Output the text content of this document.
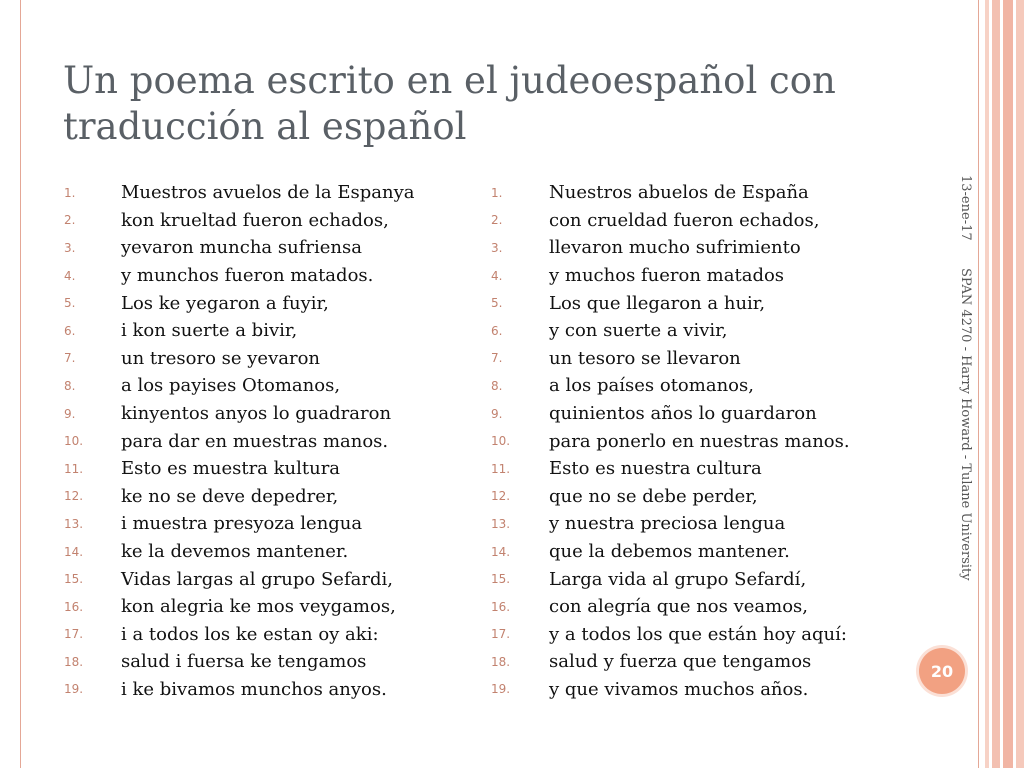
Un poema escrito en el judeoespañol con traducción al español
1.	Muestros avuelos de la Espanya
2.	kon krueltad fueron echados,
3.	yevaron muncha sufriensa
4.	y munchos fueron matados.
5.	Los ke yegaron a fuyir,
6.	i kon suerte a bivir,
7.	un tresoro se yevaron
8.	a los payises Otomanos,
9.	kinyentos anyos lo guadraron
10.	para dar en muestras manos.
11.	Esto es muestra kultura
12.	ke no se deve depedrer,
13.	i muestra presyoza lengua
14.	ke la devemos mantener.
15.	Vidas largas al grupo Sefardi,
16.	kon alegria ke mos veygamos,
17.	i a todos los ke estan oy aki:
18.	salud i fuersa ke tengamos
19.	i ke bivamos munchos anyos.
1.	Nuestros abuelos de España
2.	con crueldad fueron echados,
3.	llevaron mucho sufrimiento
4.	y muchos fueron matados
5.	Los que llegaron a huir,
6.	y con suerte a vivir,
7.	un tesoro se llevaron
8.	a los países otomanos,
9.	quinientos años lo guardaron
10.	para ponerlo en nuestras manos.
11.	Esto es nuestra cultura
12.	que no se debe perder,
13.	y nuestra preciosa lengua
14.	que la debemos mantener.
15.	Larga vida al grupo Sefardí,
16.	con alegría que nos veamos,
17.	y a todos los que están hoy aquí:
18.	salud y fuerza que tengamos
19.	y que vivamos muchos años.
13-ene-17
SPAN 4270 - Harry Howard - Tulane University
20
